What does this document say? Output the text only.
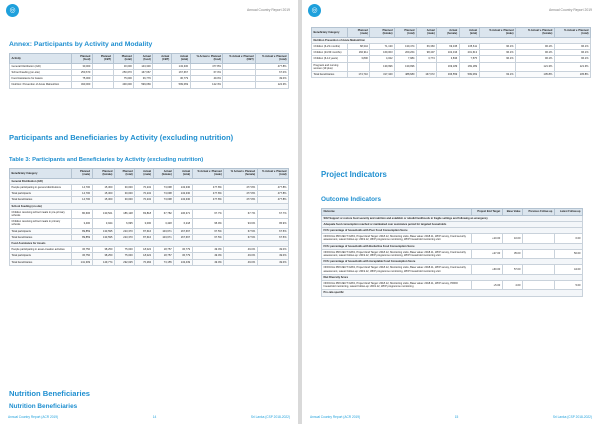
◎	Annual Country Report 2019
Annex: Participants by Activity and Modality
Activity	Planned (food)	Planned (CBT)	Planned (total)	Actual (food)	Actual (CBT)	Actual (total)	% Actual v. Planned (food)	% Actual v. Planned (CBT)	% Actual v. Planned (total)
General Distribution (GD)	30,000		30,000	143,330		143,330	477.8%		477.8%
School Feeding (on-site)	250,670		250,670	167,667		167,667	67.0%		67.0%
Food Assistance for Assets	75,000		75,000	36,779		36,779	49.0%		49.0%
Nutrition: Prevention of Acute Malnutrition	490,000		490,000	599,069		599,069	122.3%		122.3%
Participants and Beneficiaries by Activity (excluding nutrition)
Table 3: Participants and Beneficiaries by Activity (excluding nutrition)
Beneficiary Category	Planned (male)	Planned (female)	Planned (total)	Actual (male)	Actual (female)	Actual (total)	% Actual v. Planned (male)	% Actual v. Planned (female)	% Actual v. Planned (total)
General Distribution (GD)									
People participating in general distributions	14,700	15,300	30,000	70,232	73,098	143,330	477.8%	477.8%	477.8%
Total participants	14,700	15,300	30,000	70,232	73,098	143,330	477.8%	477.8%	477.8%
Total beneficiaries	14,700	15,300	30,000	70,232	73,098	143,330	477.8%	477.8%	477.8%
School Feeding (on-site)									
Children receiving school meals in pre-primary schools	80,606	130,521	186,128	83,818	67,782	136,371	67.7%	67.7%	67.7%
Children receiving school meals in primary schools	3,400	3,944	6,695	3,000	3,428	6,218	95.9%	93.6%	95.9%
Total participants	89,859	133,595	223,370	87,616	103,671	167,667	67.5%	67.5%	67.5%
Total beneficiaries	89,859	133,595	223,370	87,616	103,671	167,667	67.5%	67.5%	67.5%
Food Assistance for Assets									
People participating in asset-creation activities	36,750	38,250	75,000	18,022	18,757	36,779	49.0%	49.0%	49.0%
Total participants	36,750	38,250	75,000	18,022	18,757	36,779	49.0%	49.0%	49.0%
Total beneficiaries	141,309	149,774	292,025	70,284	73,155	143,439	49.0%	49.0%	49.0%
Nutrition Beneficiaries
Nutrition Beneficiaries
Annual Country Report (ACR 2019)	14	Sri Lanka (CSP 2018-2022)
◎	Annual Country Report 2019
Beneficiary Category	Planned (male)	Planned (female)	Planned (total)	Actual (male)	Actual (female)	Actual (total)	% Actual v. Planned (male)	% Actual v. Planned (female)	% Actual v. Planned (total)
Nutrition Prevention of Acute Malnutrition									
Children (6-23 months)	68,344	71,130	139,474	66,360	69,345	135,611	96.1%	96.1%	96.1%
Children (24-59 months)	160,911	169,003	209,264	98,407	102,016	201,613	96.1%	96.1%	96.1%
Children (6-14 years)	3,800	4,022	7,984	3,774	3,836	7,575	96.1%	96.1%	96.1%
Pregnant and nursing women (19 plus)		139,996	139,996		169,189	169,189		121.3%	121.3%
Total beneficiaries	174,710	317,340	488,680	167,672	336,559	599,069	93.1%	105.8%	105.8%
Project Indicators
Outcome Indicators
Outcome	Project End Target	Base Value	Previous Follow-up	Latest Follow-up
SO2 Support or restore food security and nutrition and establish or rebuild livelihoods in fragile settings and following an emergency				
Adequate food consumption reached or maintained over assistance period for targeted households				
FCS: percentage of households with Poor Food Consumption Score				
OFFICIAL PROJECT DATA, Project End Target: 2018.12, Monitoring visits, Base value: 2018.11, WFP survey, Food security assessment, Latest Follow-up: 2019.12, WFP programme monitoring, WFP household monitoring visit	≤10.00	10.00		0.00
FCS: percentage of households with Borderline Food Consumption Score				
OFFICIAL PROJECT DATA, Project End Target: 2018.12, Monitoring visits, Base value: 2018.11, WFP survey, Food security assessment, Latest Follow-up: 2019.12, WFP programme monitoring, WFP household monitoring visit	≤27.00	35.00		50.00
FCS: percentage of households with Acceptable Food Consumption Score				
OFFICIAL PROJECT DATA, Project End Target: 2018.12, Monitoring visits, Base value: 2018.11, WFP survey, Food security assessment, Latest Follow-up: 2019.12, WFP programme monitoring, WFP household monitoring visit	≥60.00	57.00		44.00
Diet Diversity Score				
OFFICIAL PROJECT DATA, Project End Target: 2018.12, Monitoring visits, Base value: 2018.11, WFP survey, PRRO household monitoring, Latest Follow-up: 2019.12, WFP programme monitoring	≥5.00	4.60		5.00
Pro-rata specific				
Annual Country Report (ACR 2019)	15	Sri Lanka (CSP 2018-2022)
